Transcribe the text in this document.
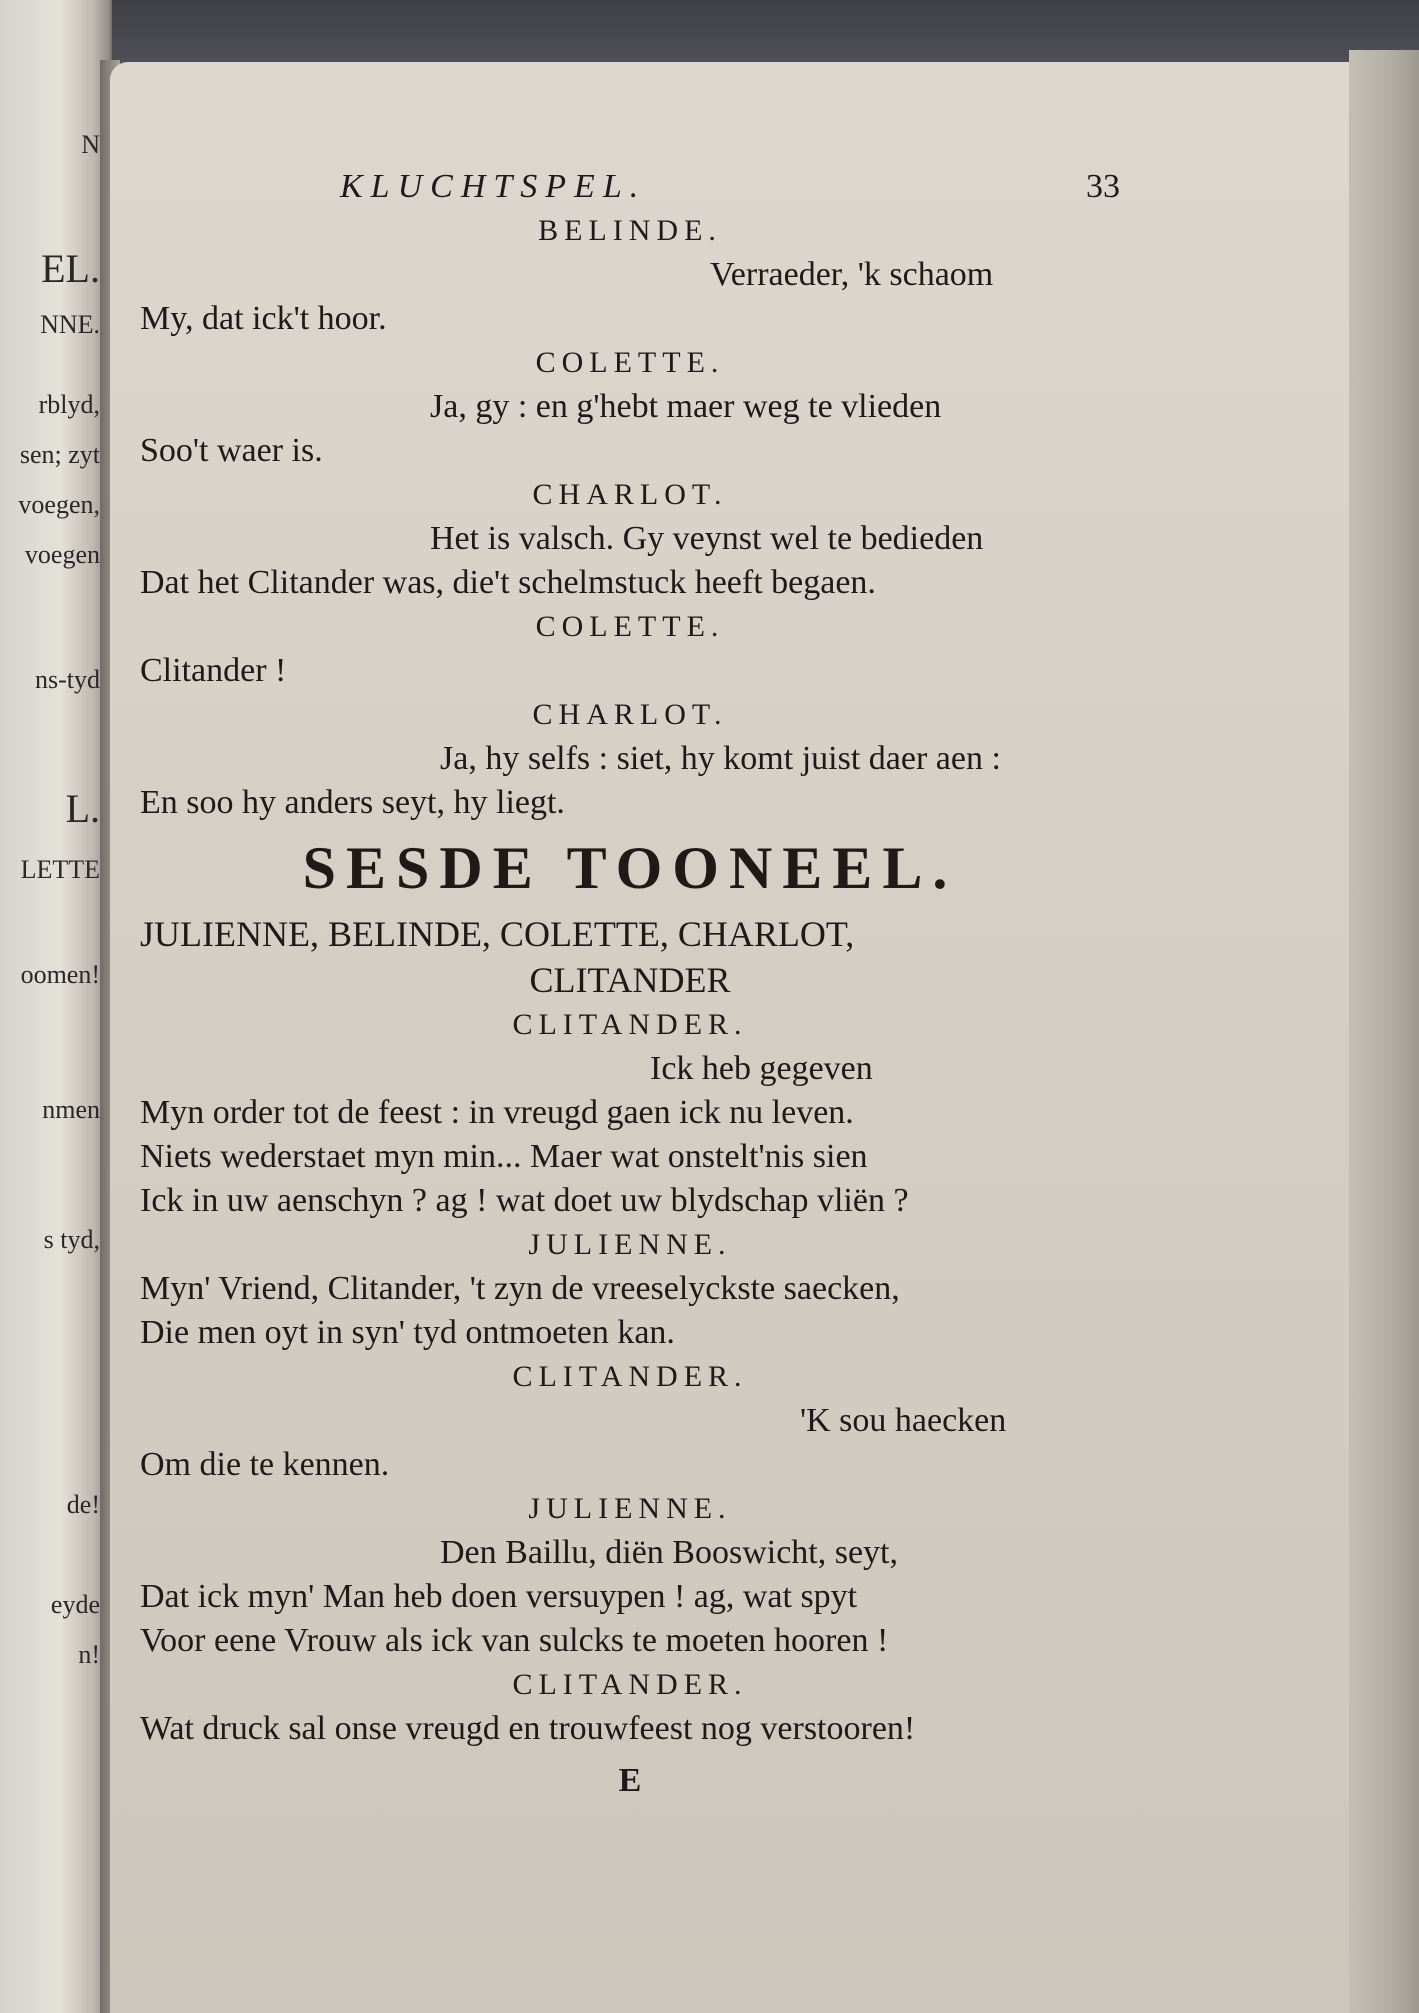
N
EL.
NNE.
rblyd,
sen; zyt
voegen,
voegen
ns-tyd
L.
LETTE
oomen!
nmen
s tyd,
de!
eyde
n!
KLUCHTSPEL.	33
BELINDE.
Verraeder, 'k schaom
My, dat ick't hoor.
COLETTE.
Ja, gy : en g'hebt maer weg te vlieden
Soo't waer is.
CHARLOT.
Het is valsch. Gy veynst wel te bedieden
Dat het Clitander was, die't schelmstuck heeft begaen.
COLETTE.
Clitander !
CHARLOT.
Ja, hy selfs : siet, hy komt juist daer aen :
En soo hy anders seyt, hy liegt.
SESDE TOONEEL.
JULIENNE, BELINDE, COLETTE, CHARLOT,
CLITANDER
CLITANDER.
Ick heb gegeven
Myn order tot de feest : in vreugd gaen ick nu leven.
Niets wederstaet myn min... Maer wat onstelt'nis sien
Ick in uw aenschyn ? ag ! wat doet uw blydschap vliën ?
JULIENNE.
Myn' Vriend, Clitander, 't zyn de vreeselyckste saecken,
Die men oyt in syn' tyd ontmoeten kan.
CLITANDER.
'K sou haecken
Om die te kennen.
JULIENNE.
Den Baillu, diën Booswicht, seyt,
Dat ick myn' Man heb doen versuypen ! ag, wat spyt
Voor eene Vrouw als ick van sulcks te moeten hooren !
CLITANDER.
Wat druck sal onse vreugd en trouwfeest nog verstooren!
E
